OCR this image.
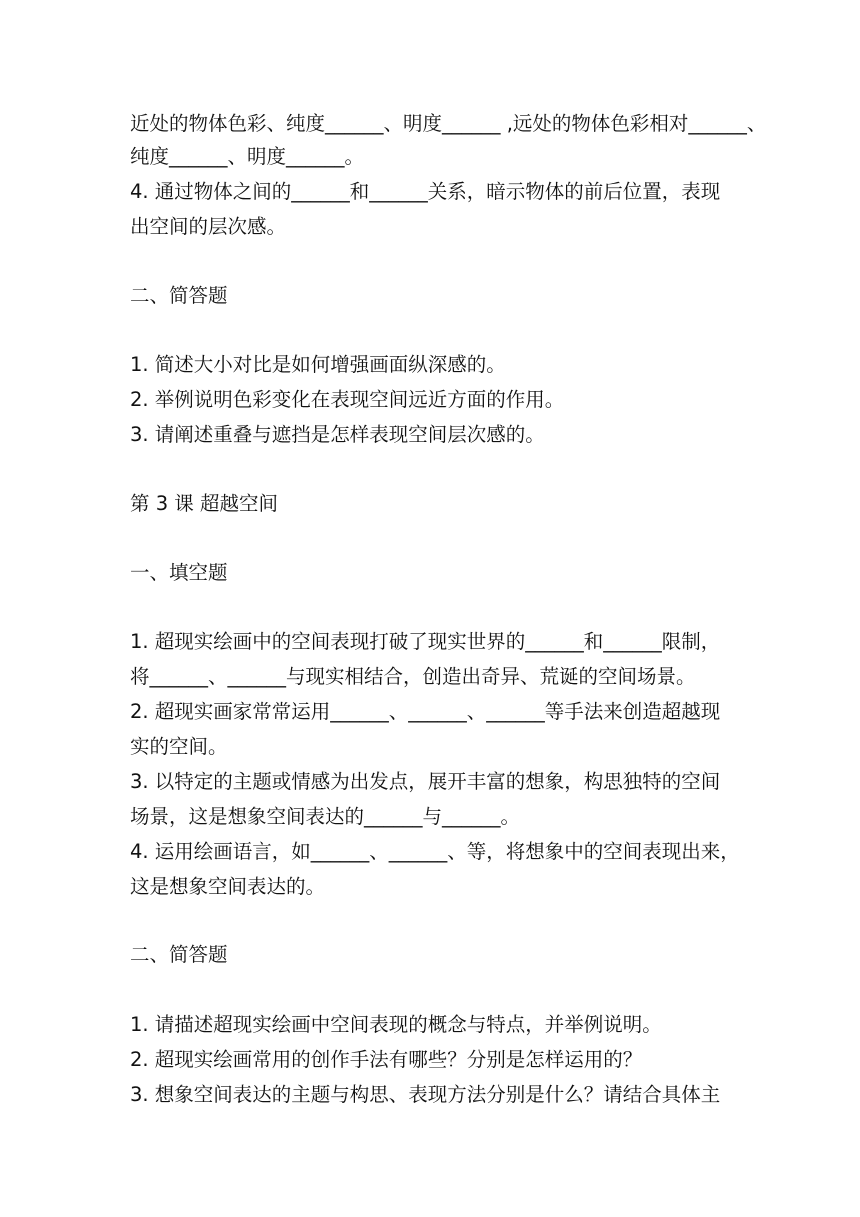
近处的物体色彩、纯度______、明度______ ,远处的物体色彩相对______、
纯度______、明度______。
4. 通过物体之间的______和______关系，暗示物体的前后位置，表现
出空间的层次感。
二、简答题
1. 简述大小对比是如何增强画面纵深感的。
2. 举例说明色彩变化在表现空间远近方面的作用。
3. 请阐述重叠与遮挡是怎样表现空间层次感的。
第 3 课 超越空间
一、填空题
1. 超现实绘画中的空间表现打破了现实世界的______和______限制，
将______、______与现实相结合，创造出奇异、荒诞的空间场景。
2. 超现实画家常常运用______、______、______等手法来创造超越现
实的空间。
3. 以特定的主题或情感为出发点，展开丰富的想象，构思独特的空间
场景，这是想象空间表达的______与______。
4. 运用绘画语言，如______、______、等，将想象中的空间表现出来，
这是想象空间表达的。
二、简答题
1. 请描述超现实绘画中空间表现的概念与特点，并举例说明。
2. 超现实绘画常用的创作手法有哪些？分别是怎样运用的？
3. 想象空间表达的主题与构思、表现方法分别是什么？请结合具体主
